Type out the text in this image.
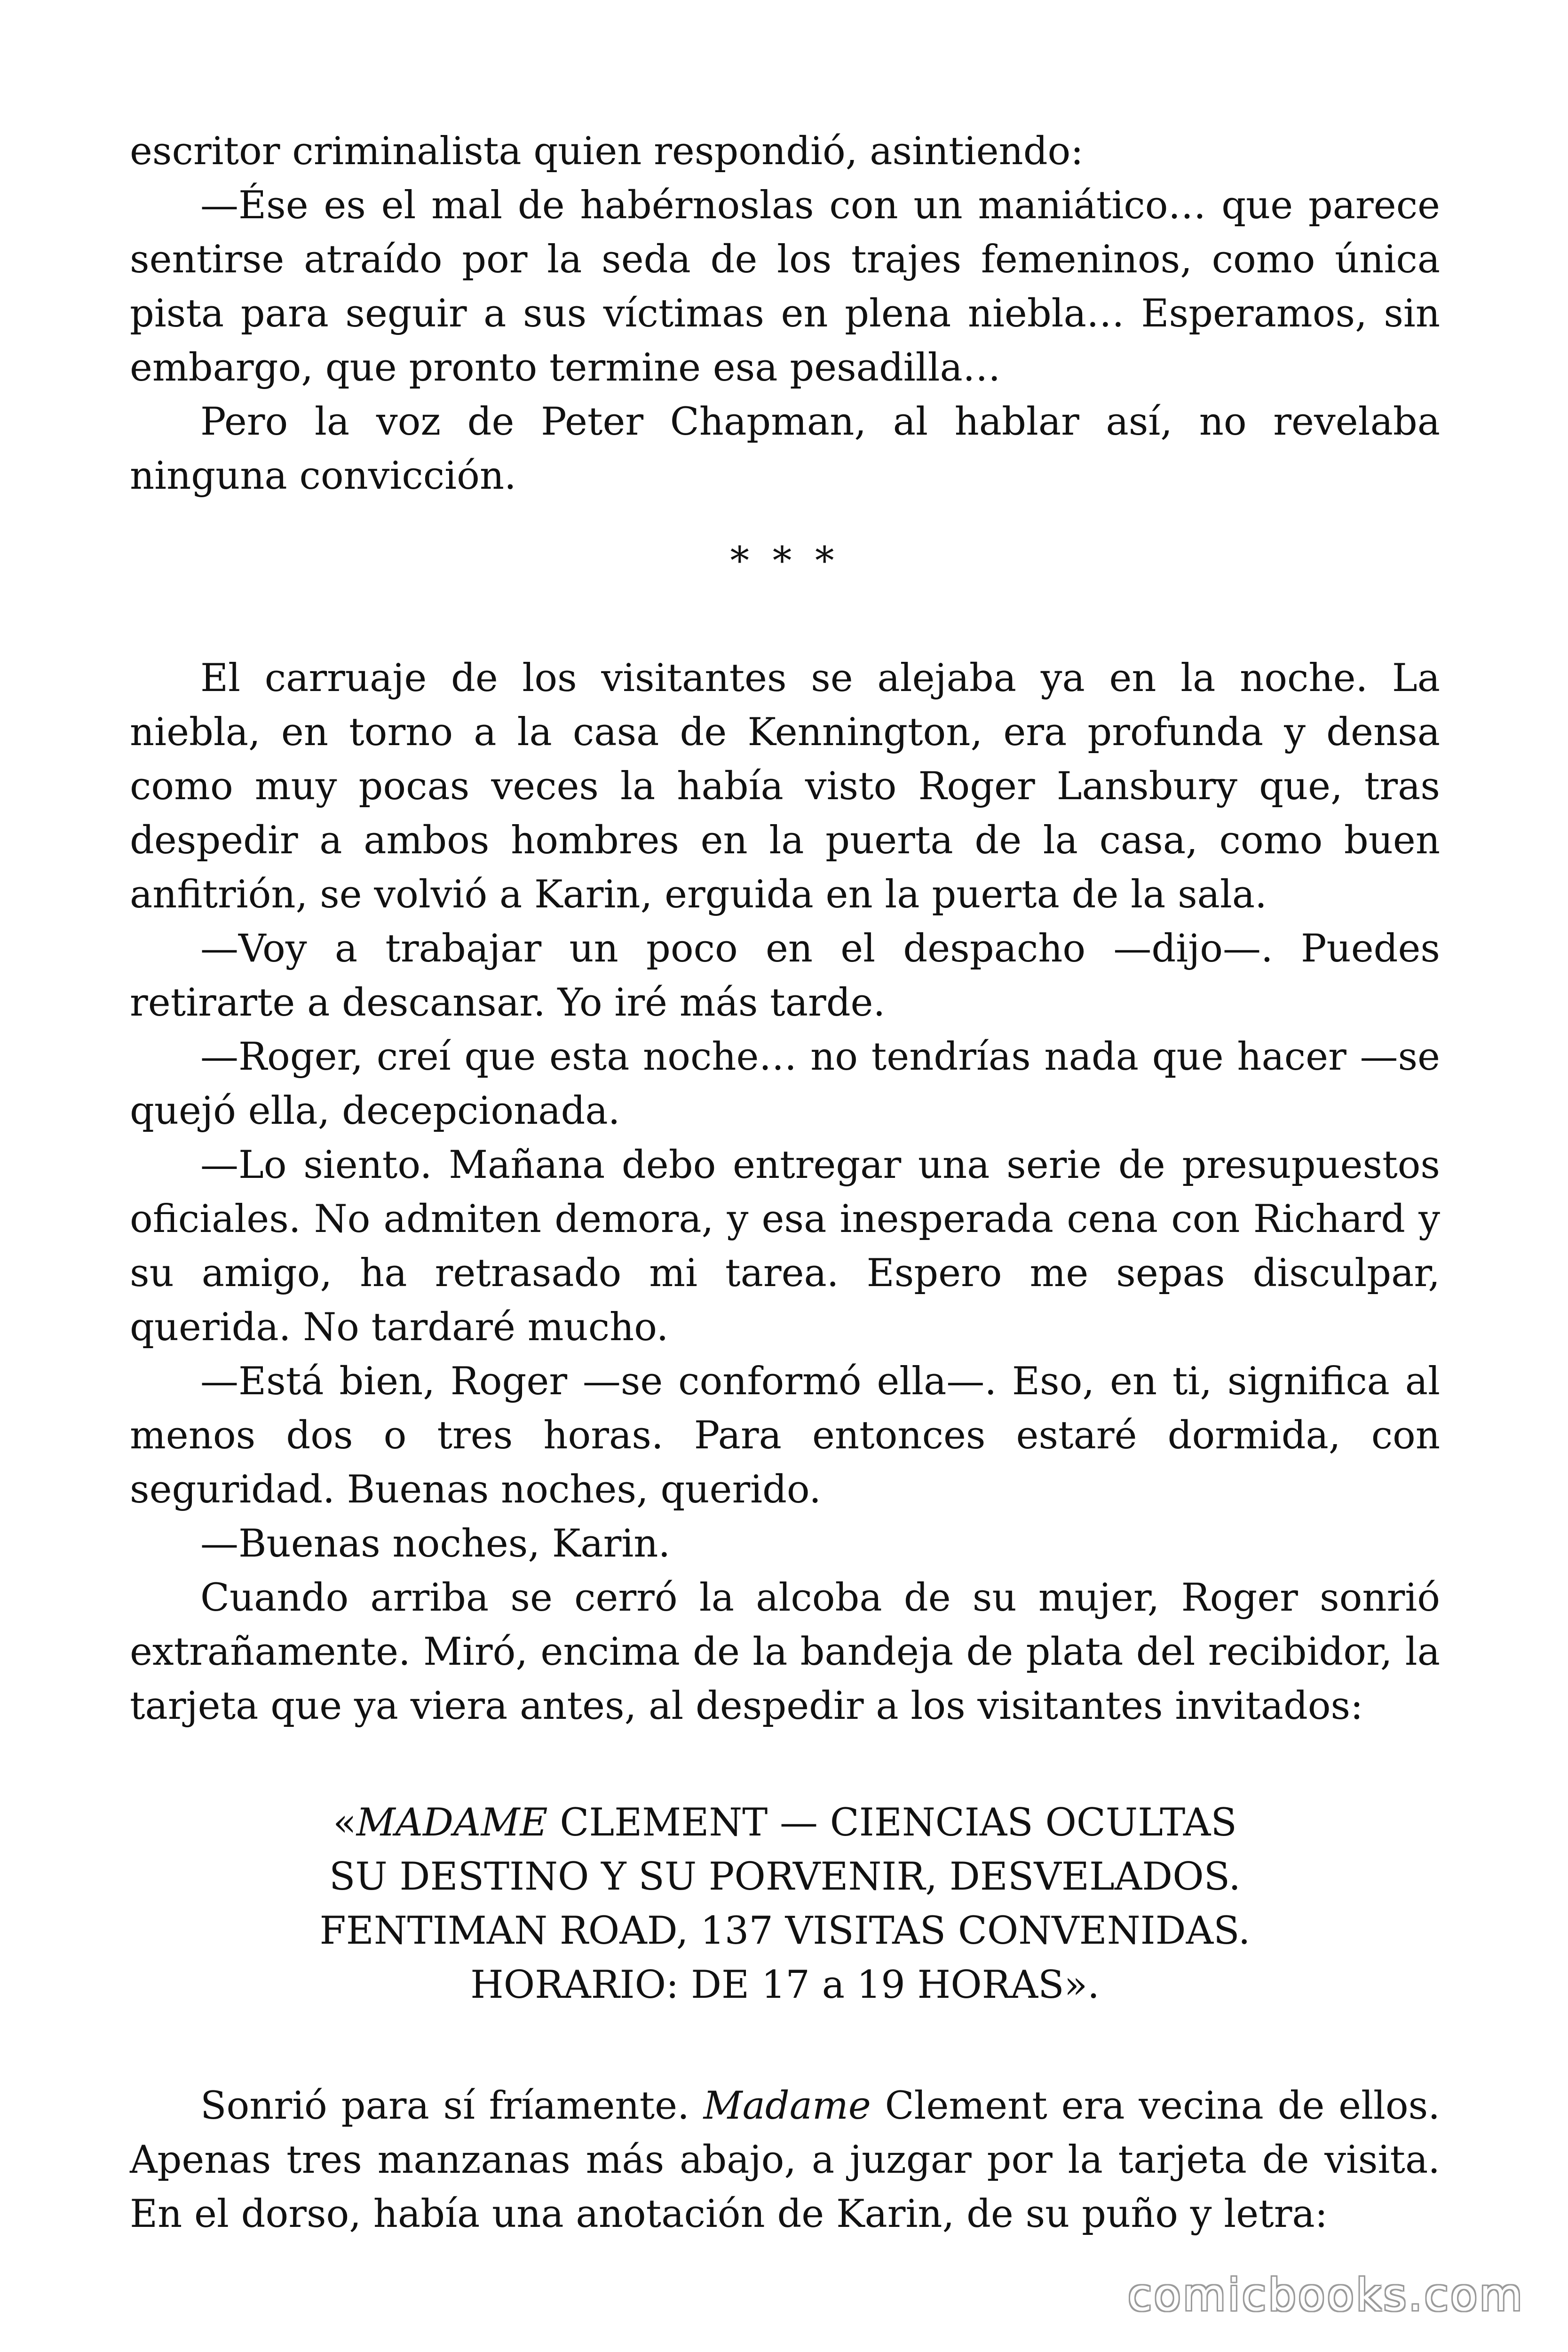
escritor criminalista quien respondió, asintiendo:

—Ése es el mal de habérnoslas con un maniático… que parece sentirse atraído por la seda de los trajes femeninos, como única pista para seguir a sus víctimas en plena niebla… Esperamos, sin embargo, que pronto termine esa pesadilla…

Pero la voz de Peter Chapman, al hablar así, no revelaba ninguna convicción.

* * *

El carruaje de los visitantes se alejaba ya en la noche. La niebla, en torno a la casa de Kennington, era profunda y densa como muy pocas veces la había visto Roger Lansbury que, tras despedir a ambos hombres en la puerta de la casa, como buen anfitrión, se volvió a Karin, erguida en la puerta de la sala.

—Voy a trabajar un poco en el despacho —dijo—. Puedes retirarte a descansar. Yo iré más tarde.

—Roger, creí que esta noche… no tendrías nada que hacer —se quejó ella, decepcionada.

—Lo siento. Mañana debo entregar una serie de presupuestos oficiales. No admiten demora, y esa inesperada cena con Richard y su amigo, ha retrasado mi tarea. Espero me sepas disculpar, querida. No tardaré mucho.

—Está bien, Roger —se conformó ella—. Eso, en ti, significa al menos dos o tres horas. Para entonces estaré dormida, con seguridad. Buenas noches, querido.

—Buenas noches, Karin.

Cuando arriba se cerró la alcoba de su mujer, Roger sonrió extrañamente. Miró, encima de la bandeja de plata del recibidor, la tarjeta que ya viera antes, al despedir a los visitantes invitados:

«MADAME CLEMENT — CIENCIAS OCULTAS
SU DESTINO Y SU PORVENIR, DESVELADOS.
FENTIMAN ROAD, 137 VISITAS CONVENIDAS.
HORARIO: DE 17 a 19 HORAS».

Sonrió para sí fríamente. Madame Clement era vecina de ellos. Apenas tres manzanas más abajo, a juzgar por la tarjeta de visita. En el dorso, había una anotación de Karin, de su puño y letra:

comicbooks.com
